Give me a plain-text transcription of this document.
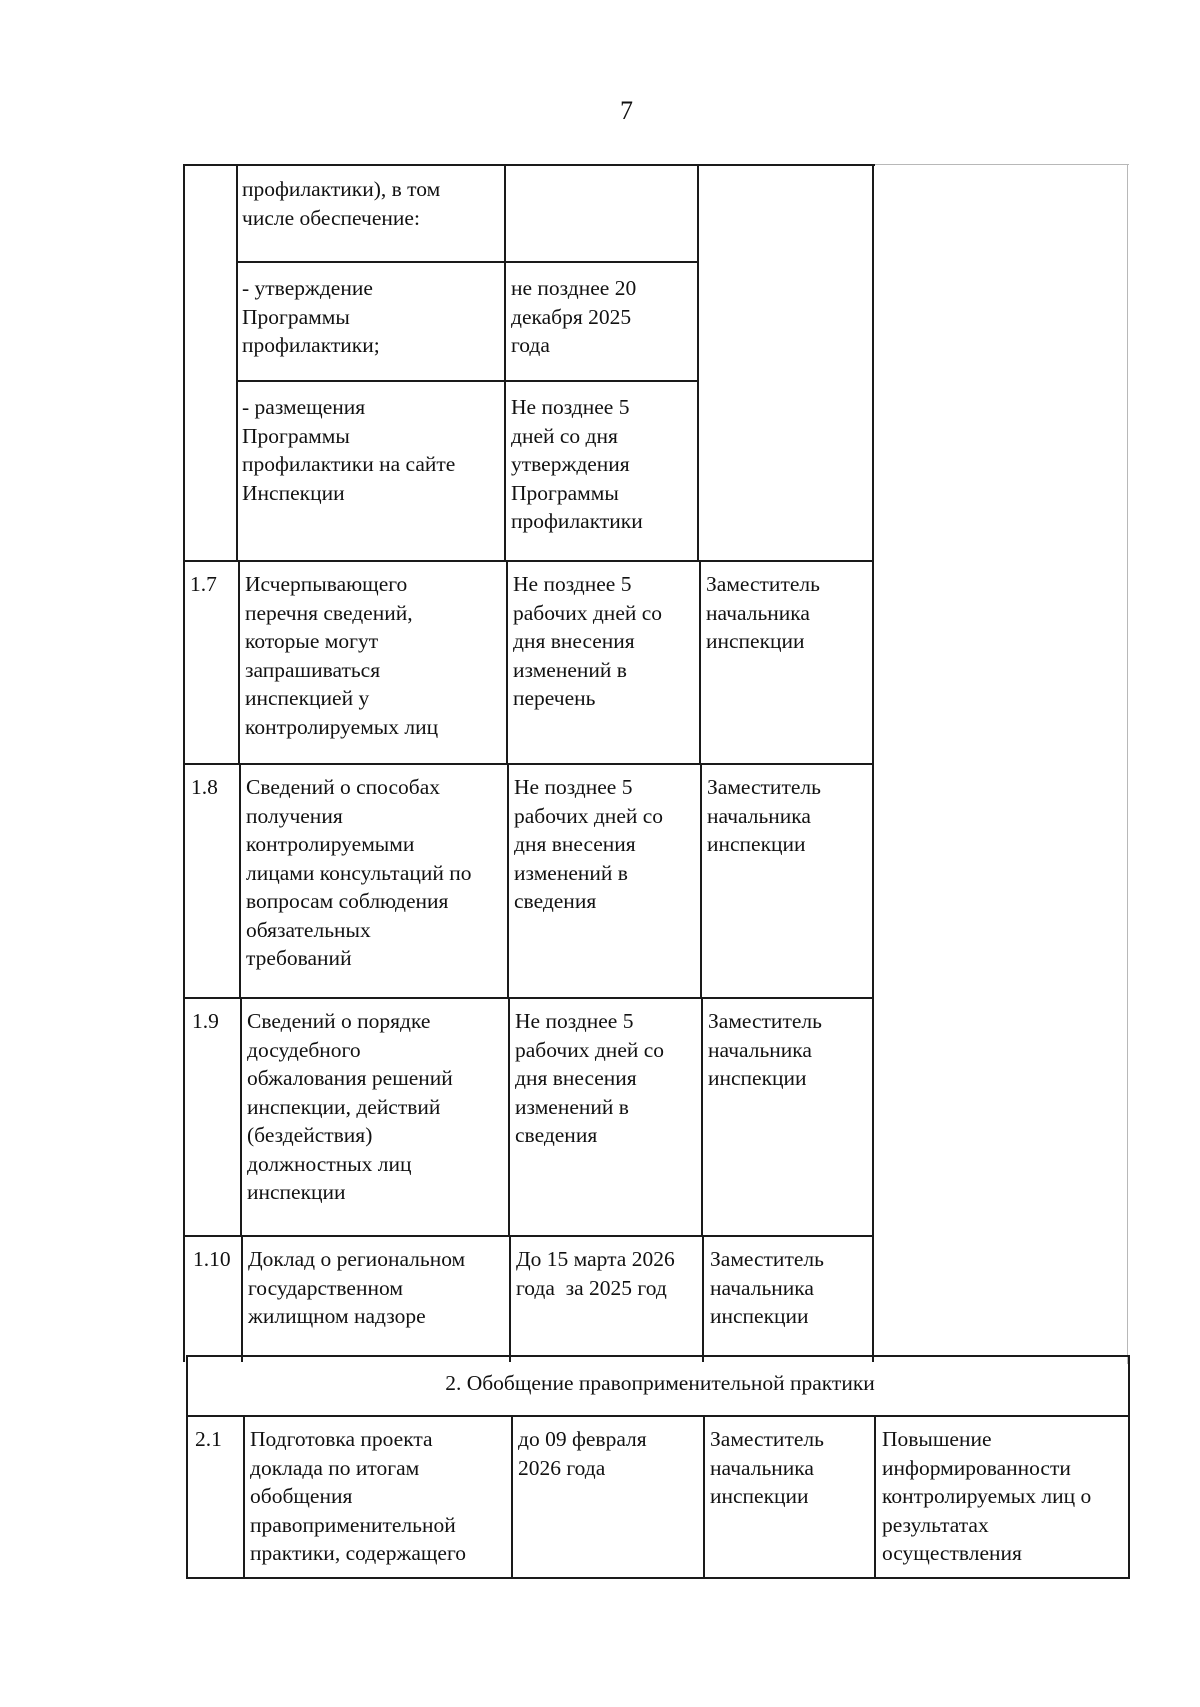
7
профилактики), в том
числе обеспечение:
- утверждение
Программы
профилактики;
не позднее 20
декабря 2025
года
- размещения
Программы
профилактики на сайте
Инспекции
Не позднее 5
дней со дня
утверждения
Программы
профилактики
1.7 Исчерпывающего
перечня сведений,
которые могут
запрашиваться
инспекцией у
контролируемых лиц
Не позднее 5
рабочих дней со
дня внесения
изменений в
перечень
Заместитель
начальника
инспекции
1.8 Сведений о способах
получения
контролируемыми
лицами консультаций по
вопросам соблюдения
обязательных
требований
Не позднее 5
рабочих дней со
дня внесения
изменений в
сведения
Заместитель
начальника
инспекции
1.9 Сведений о порядке
досудебного
обжалования решений
инспекции, действий
(бездействия)
должностных лиц
инспекции
Не позднее 5
рабочих дней со
дня внесения
изменений в
сведения
Заместитель
начальника
инспекции
1.10 Доклад о региональном
государственном
жилищном надзоре
До 15 марта 2026
года  за 2025 год
Заместитель
начальника
инспекции
2. Обобщение правоприменительной практики
2.1 Подготовка проекта
доклада по итогам
обобщения
правоприменительной
практики, содержащего
до 09 февраля
2026 года
Заместитель
начальника
инспекции
Повышение
информированности
контролируемых лиц о
результатах
осуществления
